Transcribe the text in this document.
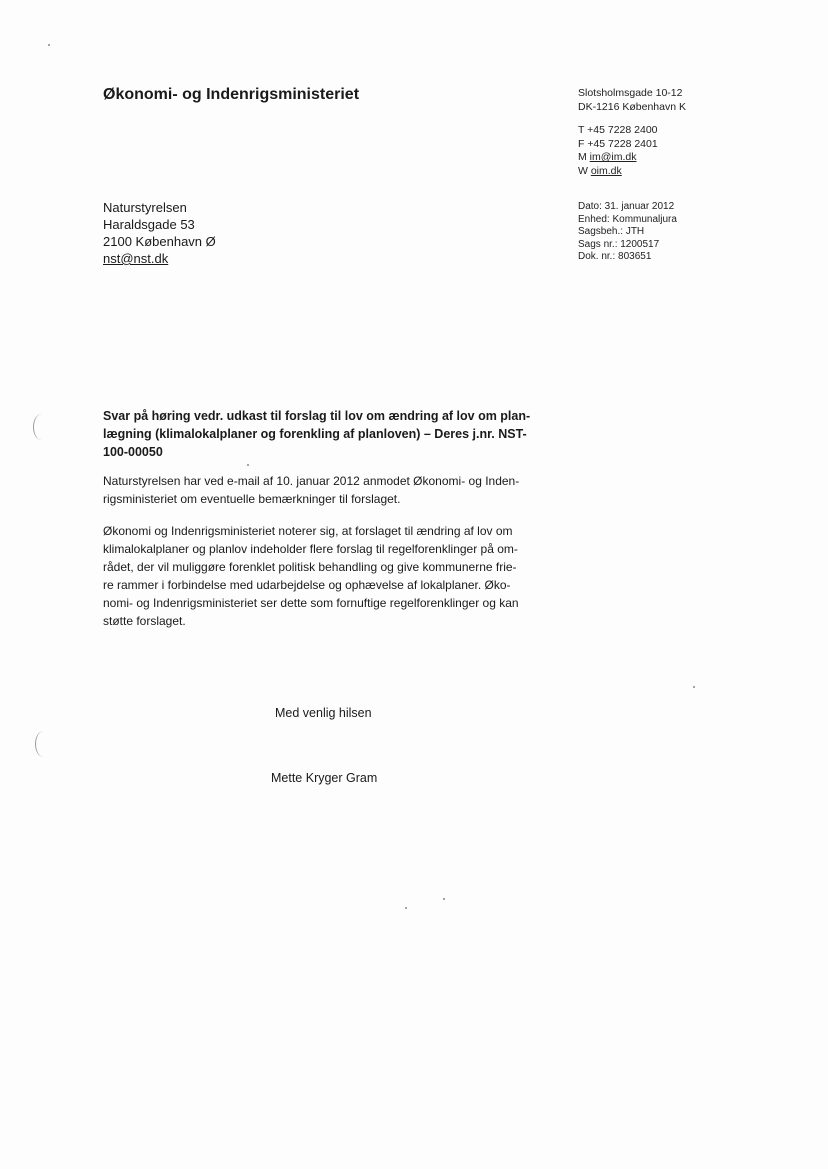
Økonomi- og Indenrigsministeriet	Slotsholmsgade 10-12
DK-1216 København K
T +45 7228 2400
F +45 7228 2401
M im@im.dk
W oim.dk
Naturstyrelsen
Haraldsgade 53
2100 København Ø
nst@nst.dk
Dato: 31. januar 2012
Enhed: Kommunaljura
Sagsbeh.: JTH
Sags nr.: 1200517
Dok. nr.: 803651
Svar på høring vedr. udkast til forslag til lov om ændring af lov om plan-
lægning (klimalokalplaner og forenkling af planloven) – Deres j.nr. NST-
100-00050
Naturstyrelsen har ved e-mail af 10. januar 2012 anmodet Økonomi- og Inden-
rigsministeriet om eventuelle bemærkninger til forslaget.
Økonomi og Indenrigsministeriet noterer sig, at forslaget til ændring af lov om
klimalokalplaner og planlov indeholder flere forslag til regelforenklinger på om-
rådet, der vil muliggøre forenklet politisk behandling og give kommunerne frie-
re rammer i forbindelse med udarbejdelse og ophævelse af lokalplaner. Øko-
nomi- og Indenrigsministeriet ser dette som fornuftige regelforenklinger og kan
støtte forslaget.
Med venlig hilsen
Mette Kryger Gram
